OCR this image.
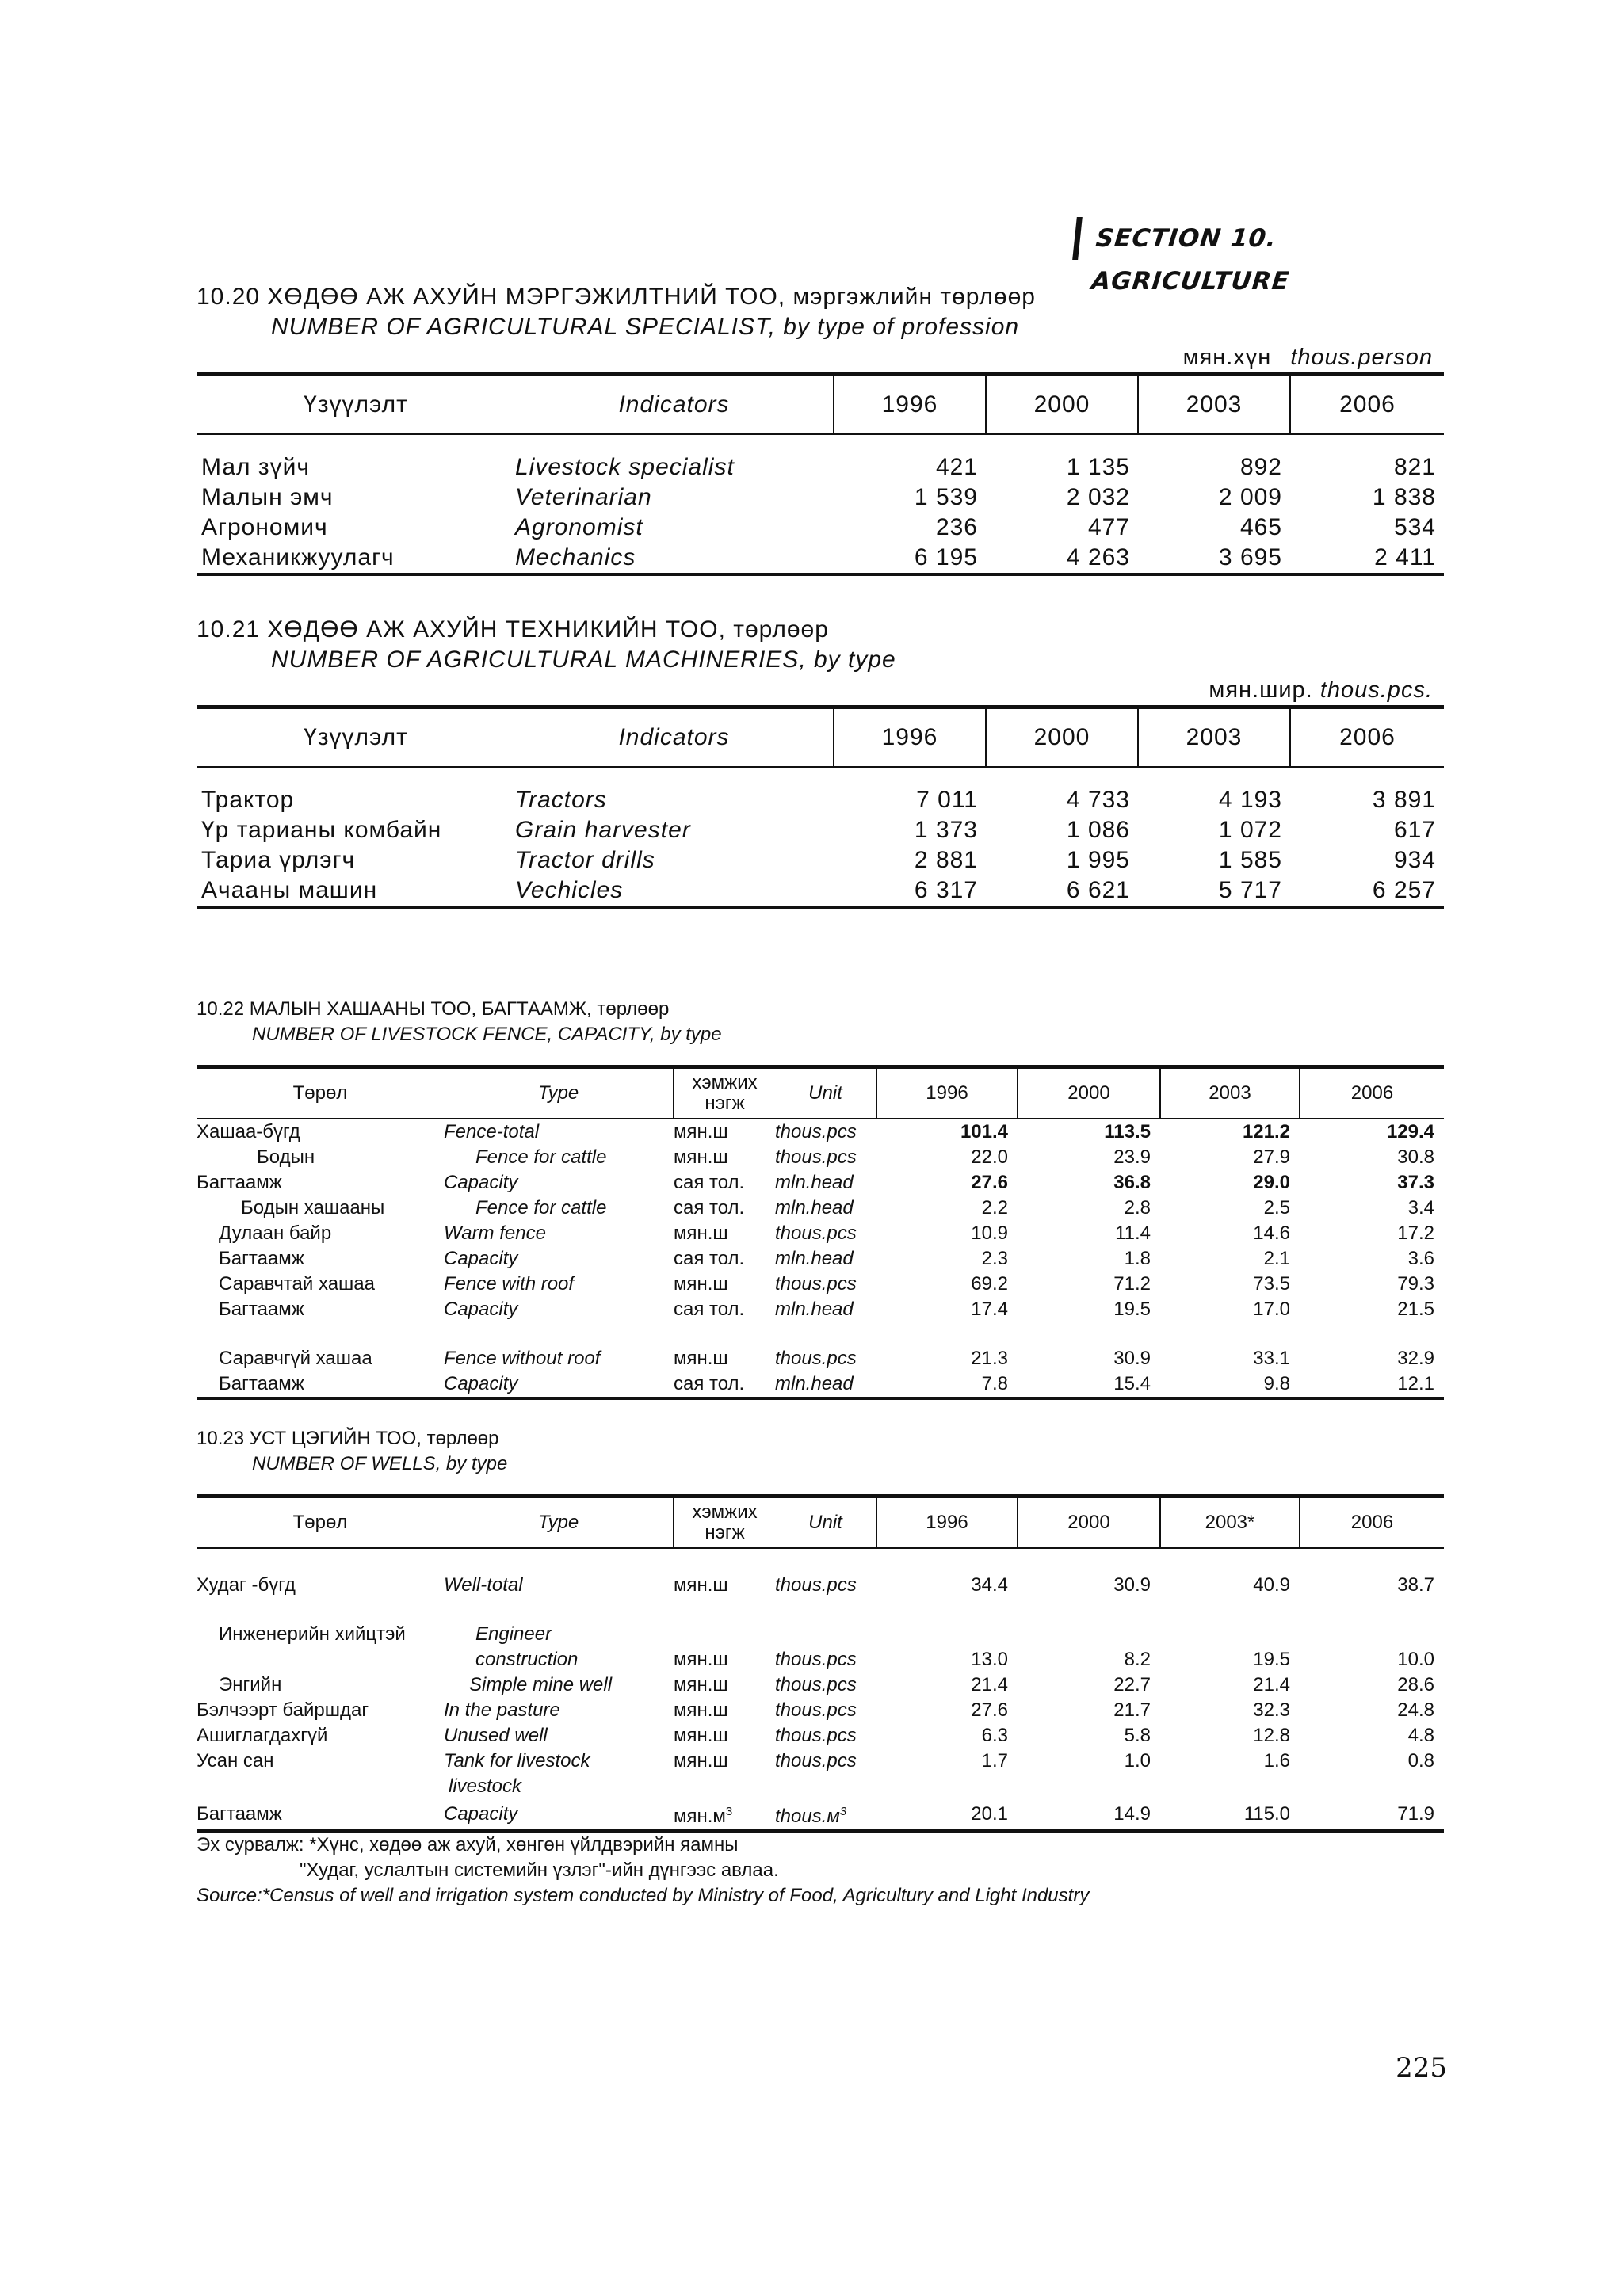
SECTION 10. AGRICULTURE
10.20 ХӨДӨӨ АЖ АХУЙН МЭРГЭЖИЛТНИЙ ТОО, мэргэжлийн төрлөөр
NUMBER OF AGRICULTURAL SPECIALIST, by type of profession
мян.хүн thous.person
Үзүүлэлт	Indicators	1996	2000	2003	2006

Мал зүйч	Livestock specialist	421	1 135	892	821
Малын эмч	Veterinarian	1 539	2 032	2 009	1 838
Агрономич	Agronomist	236	477	465	534
Механикжуулагч	Mechanics	6 195	4 263	3 695	2 411
10.21 ХӨДӨӨ АЖ АХУЙН ТЕХНИКИЙН ТОО, төрлөөр
NUMBER OF AGRICULTURAL MACHINERIES, by type
мян.шир. thous.pcs.
Үзүүлэлт	Indicators	1996	2000	2003	2006

Трактор	Tractors	7 011	4 733	4 193	3 891
Үр тарианы комбайн	Grain harvester	1 373	1 086	1 072	617
Тариа үрлэгч	Tractor drills	2 881	1 995	1 585	934
Ачааны машин	Vechicles	6 317	6 621	5 717	6 257
10.22 МАЛЫН ХАШААНЫ ТОО, БАГТААМЖ, төрлөөр
NUMBER OF LIVESTOCK FENCE, CAPACITY, by type
Төрөл	Type	хэмжих нэгж	Unit	1996	2000	2003	2006
Хашаа-бүгд	Fence-total	мян.ш	thous.pcs	101.4	113.5	121.2	129.4
Бодын	Fence for cattle	мян.ш	thous.pcs	22.0	23.9	27.9	30.8
Багтаамж	Capacity	сая тол.	mln.head	27.6	36.8	29.0	37.3
Бодын хашааны	Fence for cattle	сая тол.	mln.head	2.2	2.8	2.5	3.4
Дулаан байр	Warm fence	мян.ш	thous.pcs	10.9	11.4	14.6	17.2
Багтаамж	Capacity	сая тол.	mln.head	2.3	1.8	2.1	3.6
Саравчтай хашаа	Fence with roof	мян.ш	thous.pcs	69.2	71.2	73.5	79.3
Багтаамж	Capacity	сая тол.	mln.head	17.4	19.5	17.0	21.5

Саравчгүй хашаа	Fence without roof	мян.ш	thous.pcs	21.3	30.9	33.1	32.9
Багтаамж	Capacity	сая тол.	mln.head	7.8	15.4	9.8	12.1
10.23 УСТ ЦЭГИЙН ТОО, төрлөөр
NUMBER OF WELLS, by type
Төрөл	Type	хэмжих нэгж	Unit	1996	2000	2003*	2006

Худаг -бүгд	Well-total	мян.ш	thous.pcs	34.4	30.9	40.9	38.7

Инженерийн хийцтэй	Engineer						
	construction	мян.ш	thous.pcs	13.0	8.2	19.5	10.0
Энгийн	Simple mine well	мян.ш	thous.pcs	21.4	22.7	21.4	28.6
Бэлчээрт байршдаг	In the pasture	мян.ш	thous.pcs	27.6	21.7	32.3	24.8
Ашиглагдахгүй	Unused well	мян.ш	thous.pcs	6.3	5.8	12.8	4.8
Усан сан	Tank for livestock	мян.ш	thous.pcs	1.7	1.0	1.6	0.8
	livestock						
Багтаамж	Capacity	$мян.м^3$	$thous.м^3$	20.1	14.9	115.0	71.9
Эх сурвалж: *Хүнс, хөдөө аж ахуй, хөнгөн үйлдвэрийн яамны
"Худаг, услалтын системийн үзлэг"-ийн дүнгээс авлаа.
Source:*Census of well and irrigation system conducted by Ministry of Food, Agricultury and Light Industry
225
